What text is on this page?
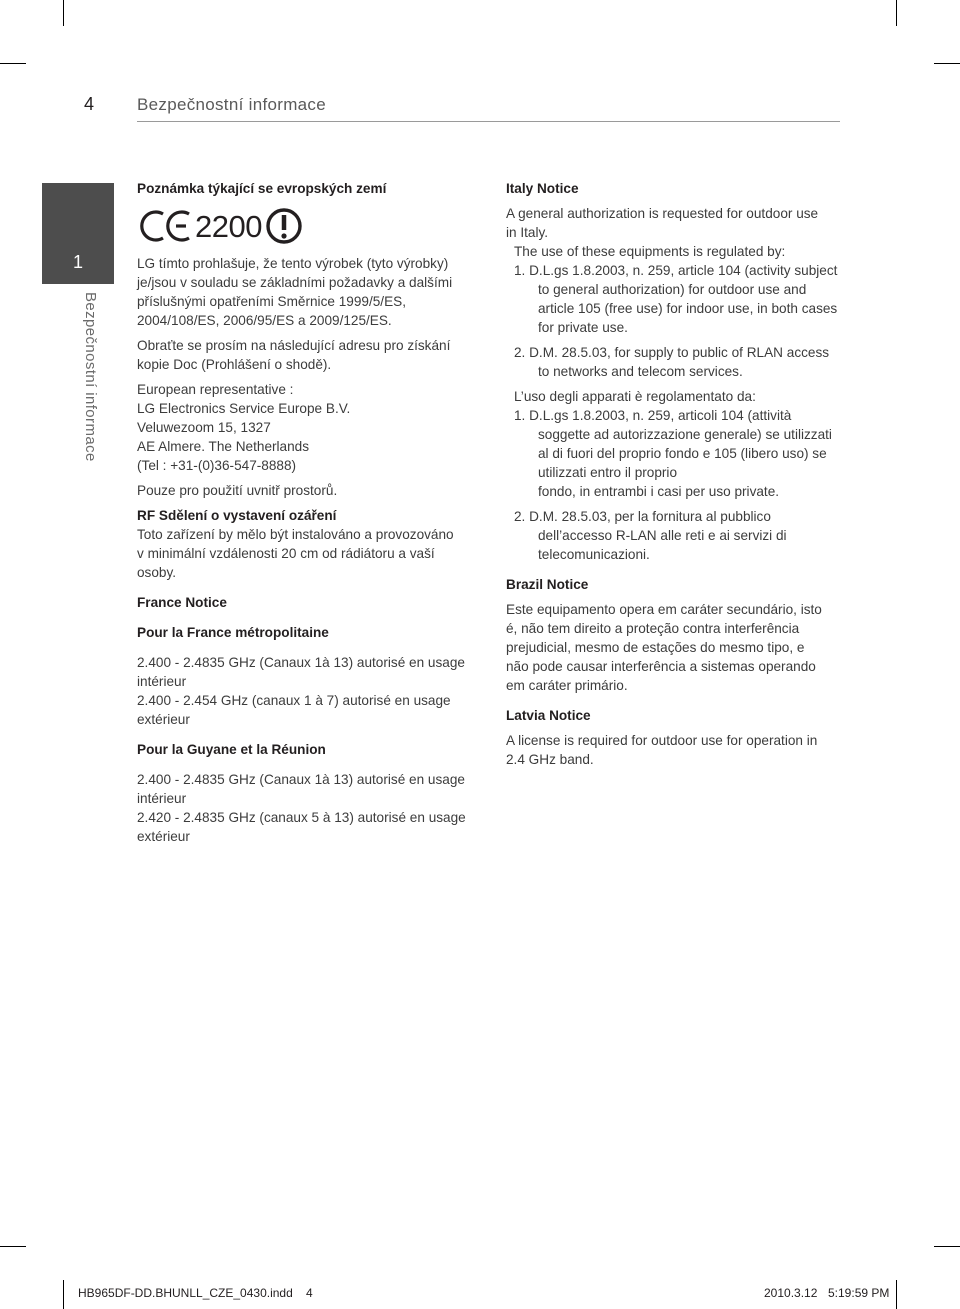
4	Bezpečnostní informace
1
Bezpečnostní informace

Poznámka týkající se evropských zemí

2200

LG tímto prohlašuje, že tento výrobek (tyto výrobky)
je/jsou v souladu se základními požadavky a dalšími
příslušnými opatřeními Směrnice 1999/5/ES,
2004/108/ES, 2006/95/ES a 2009/125/ES.

Obraťte se prosím na následující adresu pro získání
kopie Doc (Prohlášení o shodě).

European representative :
LG Electronics Service Europe B.V.
Veluwezoom 15, 1327
AE Almere. The Netherlands
(Tel : +31-(0)36-547-8888)

Pouze pro použití uvnitř prostorů.

RF Sdělení o vystavení ozáření

Toto zařízení by mělo být instalováno a provozováno
v minimální vzdálenosti 20 cm od rádiátoru a vaší
osoby.

France Notice

Pour la France métropolitaine

2.400 - 2.4835 GHz (Canaux 1à 13) autorisé en usage
intérieur
2.400 - 2.454 GHz (canaux 1 à 7) autorisé en usage
extérieur

Pour la Guyane et la Réunion

2.400 - 2.4835 GHz (Canaux 1à 13) autorisé en usage
intérieur
2.420 - 2.4835 GHz (canaux 5 à 13) autorisé en usage
extérieur

Italy Notice

A general authorization is requested for outdoor use
in Italy.

The use of these equipments is regulated by:

1. D.L.gs 1.8.2003, n. 259, article 104 (activity subject
to general authorization) for outdoor use and
article 105 (free use) for indoor use, in both cases
for private use.

2. D.M. 28.5.03, for supply to public of RLAN access
to networks and telecom services.

L’uso degli apparati è regolamentato da:

1. D.L.gs 1.8.2003, n. 259, articoli 104 (attività
soggette ad autorizzazione generale) se utilizzati
al di fuori del proprio fondo e 105 (libero uso) se
utilizzati entro il proprio
fondo, in entrambi i casi per uso private.

2. D.M. 28.5.03, per la fornitura al pubblico
dell’accesso R-LAN alle reti e ai servizi di
telecomunicazioni.

Brazil Notice

Este equipamento opera em caráter secundário, isto
é, não tem direito a proteção contra interferência
prejudicial, mesmo de estações do mesmo tipo, e
não pode causar interferência a sistemas operando
em caráter primário.

Latvia Notice

A license is required for outdoor use for operation in
2.4 GHz band.

HB965DF-DD.BHUNLL_CZE_0430.indd 4	2010.3.12 5:19:59 PM
